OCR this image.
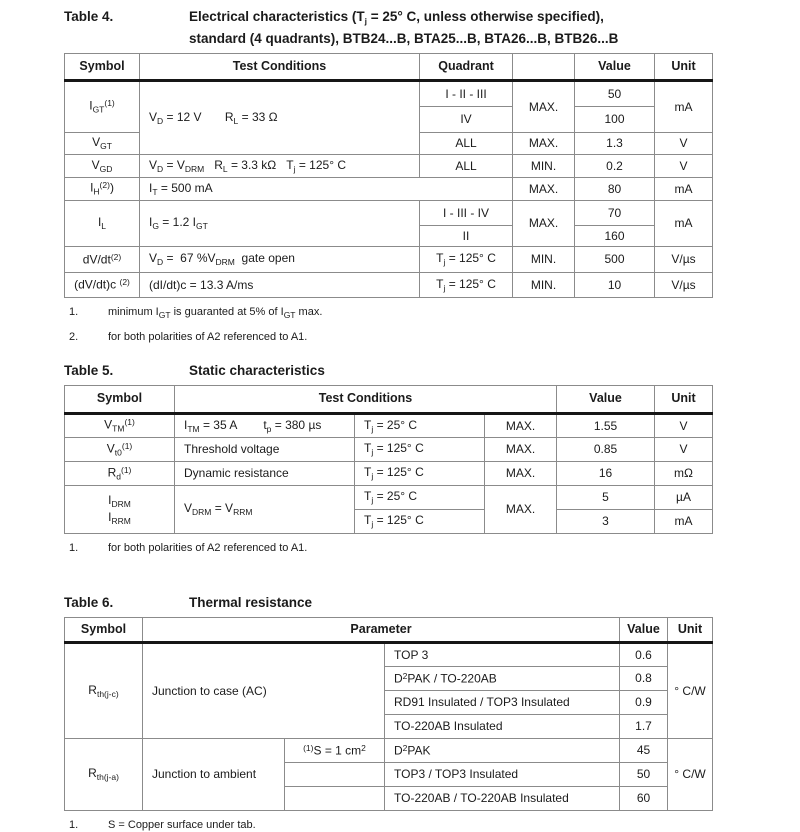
Table 4.	Electrical characteristics ($T_j = 25^\circ$ C, unless otherwise specified),
standard (4 quadrants), BTB24...B, BTA25...B, BTA26...B, BTB26...B
Symbol	Test Conditions	Quadrant		Value	Unit
$I_{GT}^{(1)}$	$V_D = 12$ V       $R_L = 33$ Ω	I - II - III	MAX.	50	mA
		IV		100	
$V_{GT}$		ALL	MAX.	1.3	V
$V_{GD}$	$V_D = V_{DRM}$   $R_L = 3.3$ kΩ   $T_j = 125^\circ$ C	ALL	MIN.	0.2	V
$I_H^{(2)}$)	$I_T = 500$ mA		MAX.	80	mA
$I_L$	$I_G = 1.2$ $I_{GT}$	I - III - IV	MAX.	70	mA
		II		160	
$dV/dt^{(2)}$	$V_D = 67$ $\%V_{DRM}$  gate open	$T_j = 125^\circ$ C	MIN.	500	V/µs
(dV/dt)c $^{(2)}$	(dI/dt)c = 13.3 A/ms	$T_j = 125^\circ$ C	MIN.	10	V/µs
1.	minimum $I_{GT}$ is guaranted at 5% of $I_{GT}$ max.
2.	for both polarities of A2 referenced to A1.
Table 5.	Static characteristics
Symbol	Test Conditions			Value	Unit
$V_{TM}^{(1)}$	$I_{TM} = 35$ A        $t_p = 380$ µs	$T_j = 25^\circ$ C	MAX.	1.55	V
$V_{t0}^{(1)}$	Threshold voltage	$T_j = 125^\circ$ C	MAX.	0.85	V
$R_d^{(1)}$	Dynamic resistance	$T_j = 125^\circ$ C	MAX.	16	mΩ
$I_{DRM}$
$I_{RRM}$	$V_{DRM} = V_{RRM}$	$T_j = 25^\circ$ C	MAX.	5	µA
		$T_j = 125^\circ$ C		3	mA
1.	for both polarities of A2 referenced to A1.
Table 6.	Thermal resistance
Symbol	Parameter			Value	Unit
$R_{th(j-c)}$	Junction to case (AC)		TOP 3	0.6	° C/W
			$D^2PAK / TO-220AB$	0.8	
			RD91 Insulated / TOP3 Insulated	0.9	
			TO-220AB Insulated	1.7	
$R_{th(j-a)}$	Junction to ambient	$^{(1)}$S = 1 $cm^2$	$D^2PAK$	45	° C/W
			TOP3 / TOP3 Insulated	50	
			TO-220AB / TO-220AB Insulated	60	
1.	S = Copper surface under tab.
